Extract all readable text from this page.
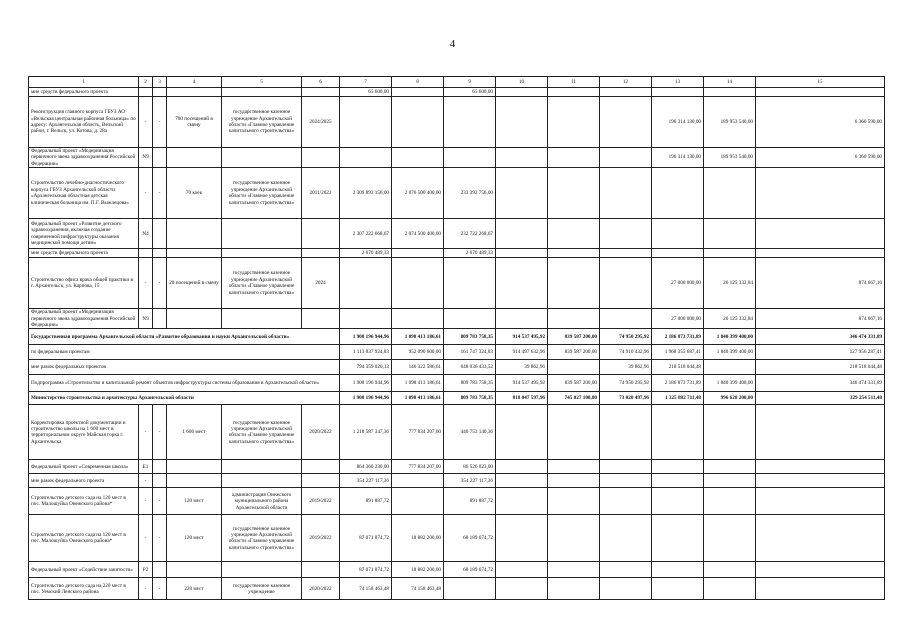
4
1	2	3	4	5	6	7	8	9	10	11	12	13	14	15
мне средств федерального проекта						65 600,00		65 600,00						
Реконструкция главного корпуса ГБУЗ АО «Вельская центральная районная больница» по адресу: Архангельская область, Вельский район, г. Вельск, ул. Котова, д. 28а	-	-	700 посещений в смену	государственное казенное учреждение Архангельской области «Главное управление капитального строительства»	2024/2025							196 314 130,00	189 953 540,00	6 360 590,00
Федеральный проект «Модернизация первичного звена здравоохранения Российской Федерации»	N9											196 314 130,00	189 953 540,00	6 360 590,00
Строительство лечебно-диагностического корпуса ГБУЗ Архангельской области «Архангельская областная детская клиническая больница им. П.Г. Выжлецова»	-	-	70 коек	государственное казенное учреждение Архангельской области «Главное управление капитального строительства»	2011/2022	2 309 893 156,00	2 076 500 400,00	233 392 756,00						
Федеральный проект «Развитие детского здравоохранения, включая создание современной инфраструктуры оказания медицинской помощи детям»	N4					2 307 222 668,67	2 074 500 400,00	232 722 268,67						
мне средств федерального проекта						2 670 489,33		2 670 489,33						
Строительство офиса врача общей практики в г. Архангельск, ул. Карпова, 15	-	-	20 посещений в смену	государственное казенное учреждение Архангельской области «Главное управление капитального строительства»	2024							27 000 000,00	26 125 332,84	874 667,16
Федеральный проект «Модернизация первичного звена здравоохранения Российской Федерации»	N9											27 000 000,00	26 125 332,84	874 667,16
Государственная программа Архангельской области «Развитие образования и науки Архангельской области»						1 908 196 944,96	1 098 413 186,61	809 783 758,35	914 537 495,92	839 587 200,00	74 950 295,92	2 186 873 731,89	1 840 399 400,00	346 474 331,89
по федеральным проектам						1 113 837 924,83	952 090 600,00	161 747 324,83	914 497 632,96	839 587 200,00	74 910 432,96	1 968 355 687,41	1 840 399 400,00	127 956 287,41
мне рамок федеральных проектов						794 359 020,13	146 322 586,61	648 036 433,52	39 862,96		39 862,96	218 518 044,48		218 518 044,48
Подпрограмма «Строительство и капитальный ремонт объектов инфраструктуры системы образования в Архангельской области»						1 908 196 944,96	1 098 413 186,61	809 783 758,35	914 537 495,92	839 587 200,00	74 950 295,92	2 186 873 731,89	1 840 399 400,00	346 474 331,89
Министерство строительства и архитектуры Архангельской области						1 908 196 944,96	1 098 413 186,61	809 783 758,35	818 047 597,96	745 027 100,00	73 020 497,96	1 325 882 711,48	996 628 200,00	329 254 511,48
Корректировка проектной документации и строительство школы на 1 600 мест в территориальном округе Майская горка г. Архангельска	-	-	1 600 мест	государственное казенное учреждение Архангельской области «Главное управление капитального строительства»	2020/2022	1 218 587 347,36	777 834 207,00	440 753 140,36						
Федеральный проект «Современная школа»	E1					864 360 230,00	777 834 207,00	86 526 023,00						
мне рамок федерального проекта	-					354 227 117,36		354 227 117,36						
Строительство детского сада на 120 мест в пос. Малошуйка Онежского района*	-	-	120 мест	администрация Онежского муниципального района Архангельской области	2019/2022	891 887,72		891 887,72						
Строительство детского сада на 120 мест в пос. Малошуйка Онежского района*	-	-	120 мест	государственное казенное учреждение Архангельской области «Главное управление капитального строительства»	2019/2022	87 071 874,72	18 882 200,00	68 189 674,72						
Федеральный проект «Содействие занятости»	P2					87 071 874,72	18 882 200,00	68 189 674,72						
Строительство детского сада на 220 мест в пос. Уемский Ленского района	-	-	220 мест	государственное казенное учреждение	2020/2022	74 158 463,48	74 158 463,48							
